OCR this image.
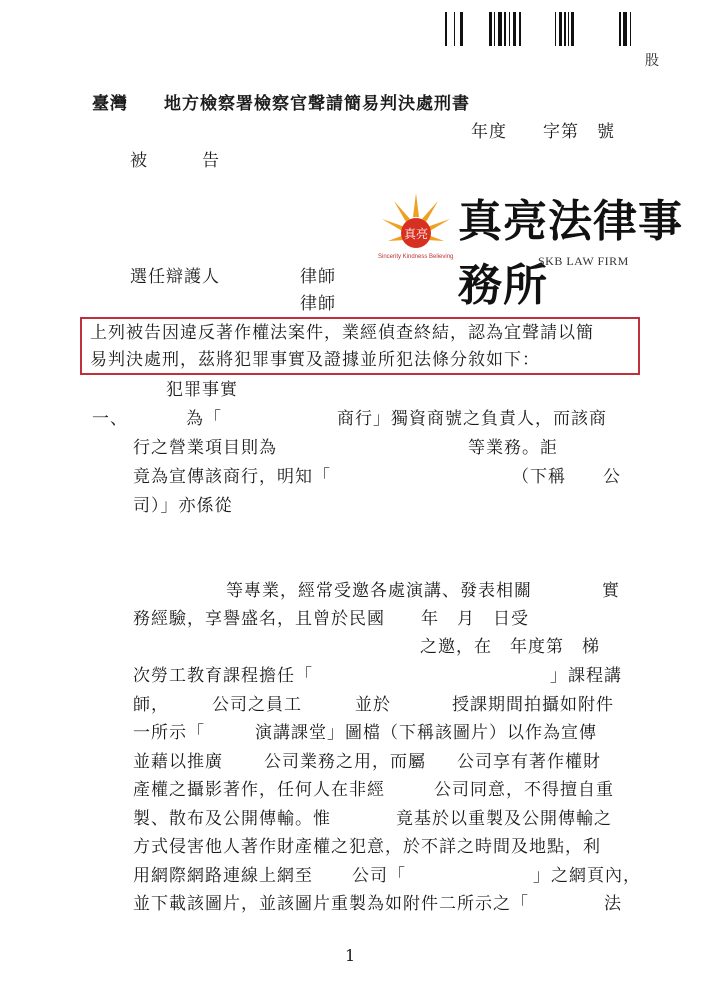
股
臺灣　　地方檢察署檢察官聲請簡易判決處刑書
年度　　字第　號
被　　　告
真亮
Sincerity Kindness Believing
真亮法律事務所
SKB LAW FIRM
選任辯護人	律師
律師
上列被告因違反著作權法案件，業經偵查終結，認為宜聲請以簡
易判決處刑，茲將犯罪事實及證據並所犯法條分敘如下：
犯罪事實
一、	為「	商行」獨資商號之負責人，而該商
行之營業項目則為	等業務。詎
竟為宣傳該商行，明知「	（下稱 公
司）」亦係從
等專業，經常受邀各處演講、發表相關	實
務經驗，享譽盛名，且曾於民國　　年　月　日受
之邀，在 年度第　梯
次勞工教育課程擔任「	」課程講
師，	公司之員工	並於	授課期間拍攝如附件
一所示「	演講課堂」圖檔（下稱該圖片）以作為宣傳
並藉以推廣 公司業務之用，而屬 公司享有著作權財
產權之攝影著作，任何人在非經	公司同意，不得擅自重
製、散布及公開傳輸。惟	竟基於以重製及公開傳輸之
方式侵害他人著作財產權之犯意，於不詳之時間及地點，利
用網際網路連線上網至 公司「	」之網頁內，
並下載該圖片，並該圖片重製為如附件二所示之「	法
1
